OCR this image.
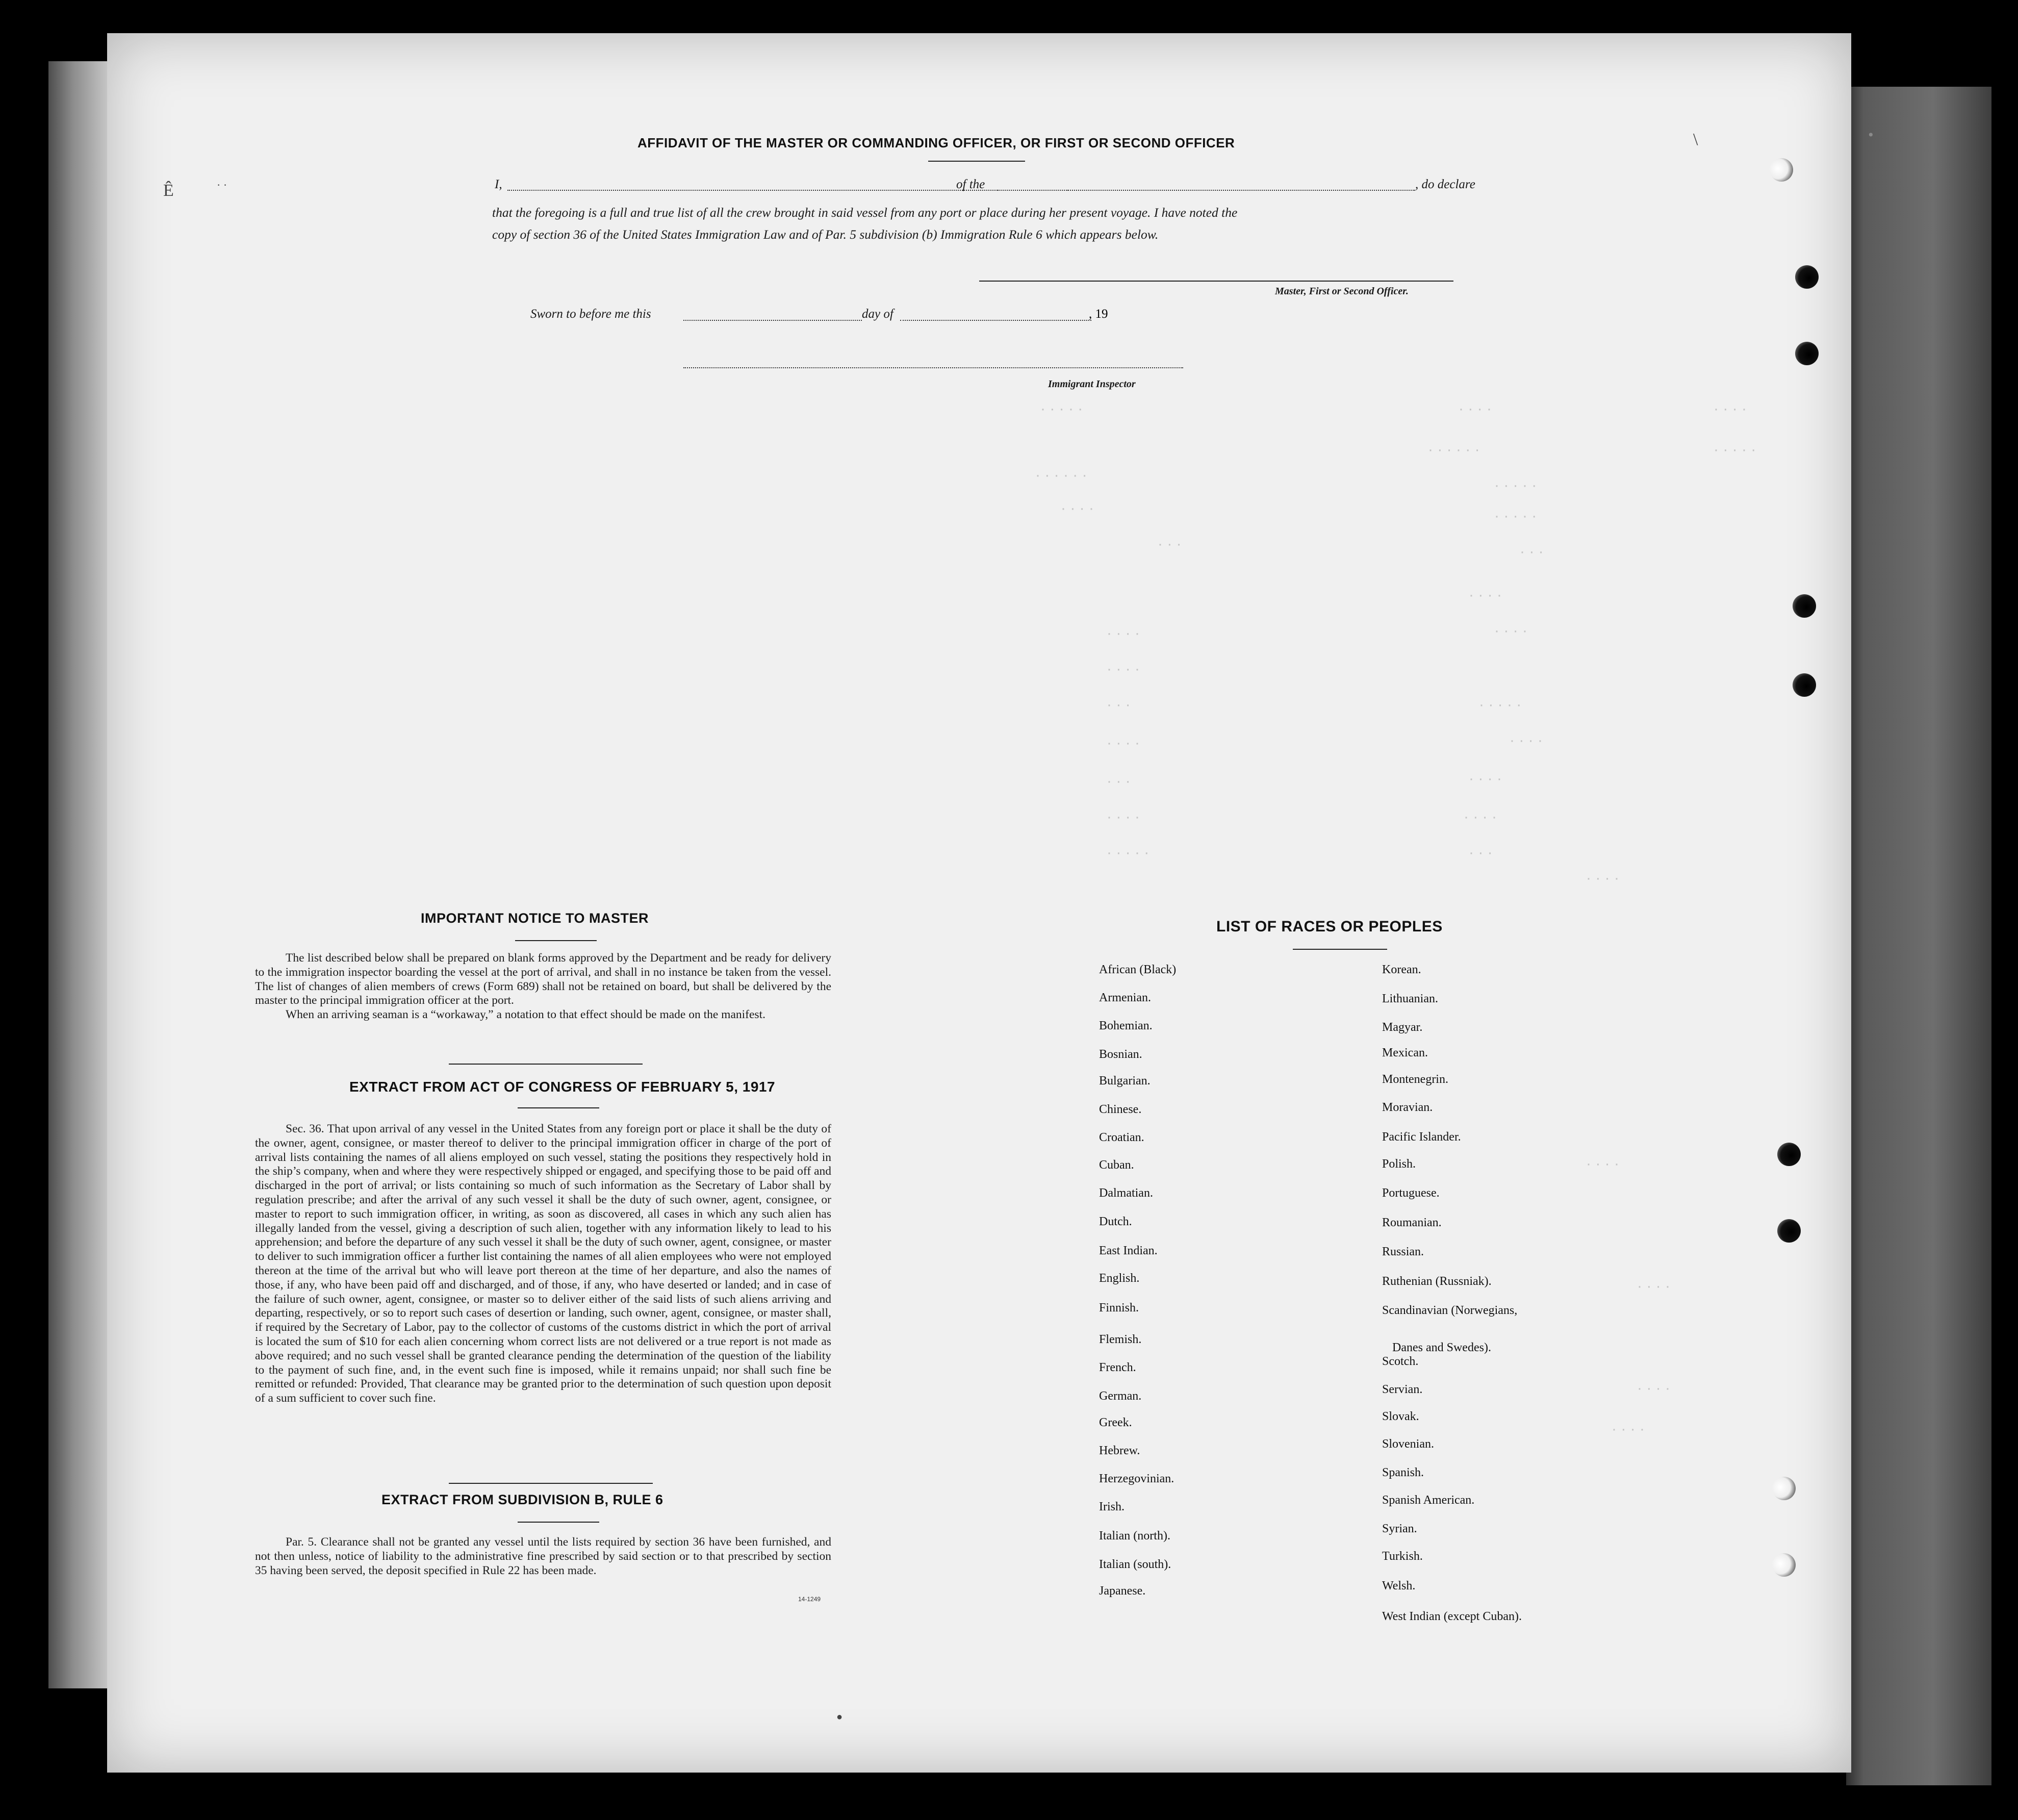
·
· · · · ·	· · · ·	· · · ·
· · · · · ·	· · · · ·
· · · · · ·
· · · · ·
· · · ·	· · · · ·
· · ·	· · ·
· · · ·
· · · ·
· · · ·
· · · ·
· · · · ·
· · ·
· · · ·
· · · ·
· · · ·
· · ·
· · · ·	· · · ·
· · · · ·	· · ·
· · · ·
· · · ·
· · · ·
· · · ·
· · · ·
Ê	· ·
\
●
AFFIDAVIT OF THE MASTER OR COMMANDING OFFICER, OR FIRST OR SECOND OFFICER
I,	of the	, do declare
that the foregoing is a full and true list of all the crew brought in said vessel from any port or place during her present voyage. I have noted the
copy of section 36 of the United States Immigration Law and of Par. 5 subdivision (b) Immigration Rule 6 which appears below.
Master, First or Second Officer.
Sworn to before me this	day of	, 19
Immigrant Inspector
IMPORTANT NOTICE TO MASTER

The list described below shall be prepared on blank forms approved by the Department and be ready for delivery to the immigration inspector boarding the vessel at the port of arrival, and shall in no instance be taken from the vessel. The list of changes of alien members of crews (Form 689) shall not be retained on board, but shall be delivered by the master to the principal immigration officer at the port.

When an arriving seaman is a “workaway,” a notation to that effect should be made on the manifest.

EXTRACT FROM ACT OF CONGRESS OF FEBRUARY 5, 1917

Sec. 36. That upon arrival of any vessel in the United States from any foreign port or place it shall be the duty of the owner, agent, consignee, or master thereof to deliver to the principal immigration officer in charge of the port of arrival lists containing the names of all aliens employed on such vessel, stating the positions they respectively hold in the ship’s company, when and where they were respectively shipped or engaged, and specifying those to be paid off and discharged in the port of arrival; or lists containing so much of such information as the Secretary of Labor shall by regulation prescribe; and after the arrival of any such vessel it shall be the duty of such owner, agent, consignee, or master to report to such immigration officer, in writing, as soon as discovered, all cases in which any such alien has illegally landed from the vessel, giving a description of such alien, together with any information likely to lead to his apprehension; and before the departure of any such vessel it shall be the duty of such owner, agent, consignee, or master to deliver to such immigration officer a further list containing the names of all alien employees who were not employed thereon at the time of the arrival but who will leave port thereon at the time of her departure, and also the names of those, if any, who have been paid off and discharged, and of those, if any, who have deserted or landed; and in case of the failure of such owner, agent, consignee, or master so to deliver either of the said lists of such aliens arriving and departing, respectively, or so to report such cases of desertion or landing, such owner, agent, consignee, or master shall, if required by the Secretary of Labor, pay to the collector of customs of the customs district in which the port of arrival is located the sum of $10 for each alien concerning whom correct lists are not delivered or a true report is not made as above required; and no such vessel shall be granted clearance pending the determination of the question of the liability to the payment of such fine, and, in the event such fine is imposed, while it remains unpaid; nor shall such fine be remitted or refunded: Provided, That clearance may be granted prior to the determination of such question upon deposit of a sum sufficient to cover such fine.

EXTRACT FROM SUBDIVISION B, RULE 6

Par. 5. Clearance shall not be granted any vessel until the lists required by section 36 have been furnished, and not then unless, notice of liability to the administrative fine prescribed by said section or to that prescribed by section 35 having been served, the deposit specified in Rule 22 has been made.

14-1249
LIST OF RACES OR PEOPLES
African (Black)
Armenian.
Bohemian.
Bosnian.
Bulgarian.
Chinese.
Croatian.
Cuban.
Dalmatian.
Dutch.
East Indian.
English.
Finnish.
Flemish.
French.
German.
Greek.
Hebrew.
Herzegovinian.
Irish.
Italian (north).
Italian (south).
Japanese.
Korean.
Lithuanian.
Magyar.
Mexican.
Montenegrin.
Moravian.
Pacific Islander.
Polish.
Portuguese.
Roumanian.
Russian.
Ruthenian (Russniak).
Scandinavian (Norwegians,
Scotch.
Servian.
Slovak.
Slovenian.
Spanish.
Spanish American.
Syrian.
Turkish.
Welsh.
West Indian (except Cuban).
Danes and Swedes).
